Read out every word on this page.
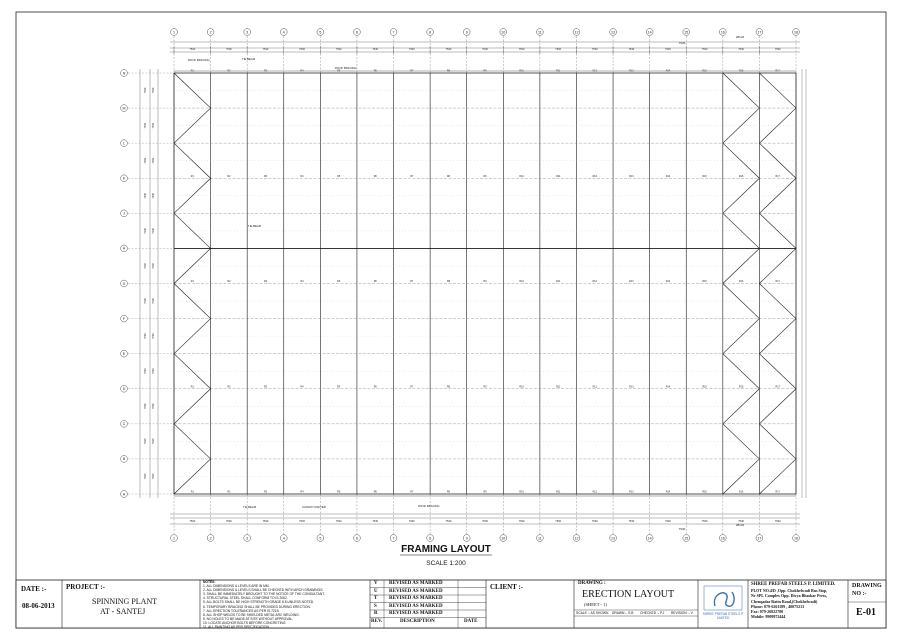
1
1
7530
7530
2
2
7530
7530
3
3
7530
7530
4
4
7530
7530
5
5
7530
7530
6
6
7530
7530
7
7
7530
7530
8
8
7530
7530
9
9
7530
7530
10
10
7530
7530
11
11
7530
7530
12
12
7530
7530
13
13
7530
7530
14
14
7530
7530
15
15
7530
7530
16
16
7530
7530
17
17
7530
7530
18
18
N
7530	7530
M
7530	7530
L
7530	7530
K
7530	7530
J
7530	7530
H
7530	7530
G
7530	7530
F
7530	7530
E
7530	7530
D
7530	7530
C
7530	7530
B
7530	7530
A
R1
R1
R1
R1
R1
R2
R2
R2
R2
R2
R3
R3
R3
R3
R3
R4
R4
R4
R4
R4
R5
R5
R5
R5
R5
R6
R6
R6
R6
R6
R7
R7
R7
R7
R7
R8
R8
R8
R8
R8
R9
R9
R9
R9
R9
R10
R10
R10
R10
R10
R11
R11
R11
R11
R11
R12
R12
R12
R12
R12
R13
R13
R13
R13
R13
R14
R14
R14
R14
R14
R15
R15
R15
R15
R15
R16
R16
R16
R16
R16
R17
R17
R17
R17
R17
ROOF BRACING	TIE BEAM
ROOF BRACING
TIE BEAM
CANOPY RAFTER
TIE BEAM	ROOF BRACING
7530
28142
7530
28142
FRAMING LAYOUT
SCALE 1:200
DATE :-
08-06-2013
PROJECT :-
SPINNING PLANT
AT - SANTEJ
NOTES:
1. ALL DIMENSIONS & LEVELS ARE IN MM.
2. ALL DIMENSIONS & LEVELS SHALL BE CHECKED WITH ARCH DRAWINGS.
3. SHALL BE IMMEDIATELY BROUGHT TO THE NOTICE OF THE CONSULTANT.
4. STRUCTURAL STEEL SHALL CONFORM TO IS 2062.
5. ALL BOLTS SHALL BE HIGH STRENGTH GRADE 8.8 UNLESS NOTED.
6. TEMPORARY BRACING SHALL BE PROVIDED DURING ERECTION.
7. ALL ERECTION TOLERANCES AS PER IS 7215.
8. ALL SHOP WELDS TO BE SHIELDED METAL ARC WELDING.
9. NO HOLES TO BE MADE AT SITE WITHOUT APPROVAL.
10. LOCATE ANCHOR BOLTS BEFORE CONCRETING.
11. ALL PAINTING AS PER SPECIFICATION.
V REVISED AS MARKED
U REVISED AS MARKED
T REVISED AS MARKED
S REVISED AS MARKED
R REVISED AS MARKED
REV.	DESCRIPTION	DATE
CLIENT :-	DRAWING :
ERECTION LAYOUT
(SHEET - 1)
SCALE :- AS SHOWN DRAWN :- S.B CHECKED :- P.J REVISION :- V	SHREE PREFAB STEELS P LIMITED
SHREE PREFAB STEELS P. LIMITED.
PLOT NO.4/D ,Opp. Chokhelwadi Bus Stop,
Nr SPL Complex Opp. Divya Bhaskar Press,
Chenqadar Ratin Road,(Chokhelwadi)
Phone: 079-6261189 , 40075213
Fax: 079-26822780
Mobile: 9909972444
DRAWING NO :-
E-01
